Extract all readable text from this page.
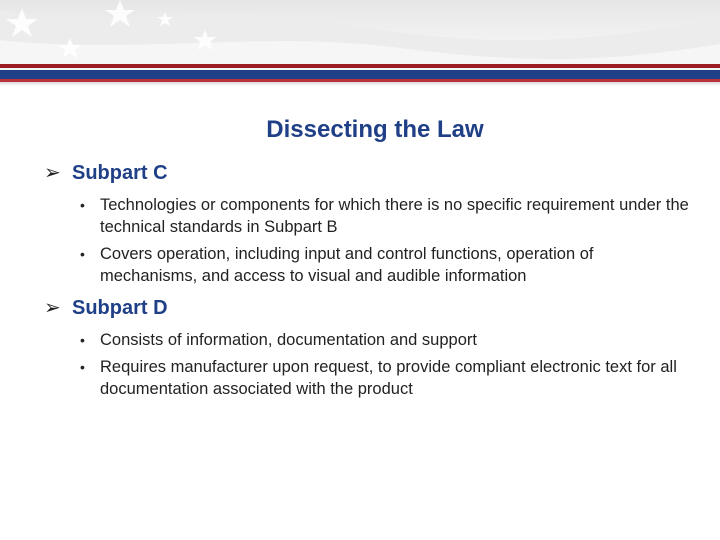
Dissecting the Law
➢ Subpart C
• Technologies or components for which there is no specific requirement under the technical standards in Subpart B
• Covers operation, including input and control functions, operation of mechanisms, and access to visual and audible information
➢ Subpart D
• Consists of information, documentation and support
• Requires manufacturer upon request, to provide compliant electronic text for all documentation associated with the product
